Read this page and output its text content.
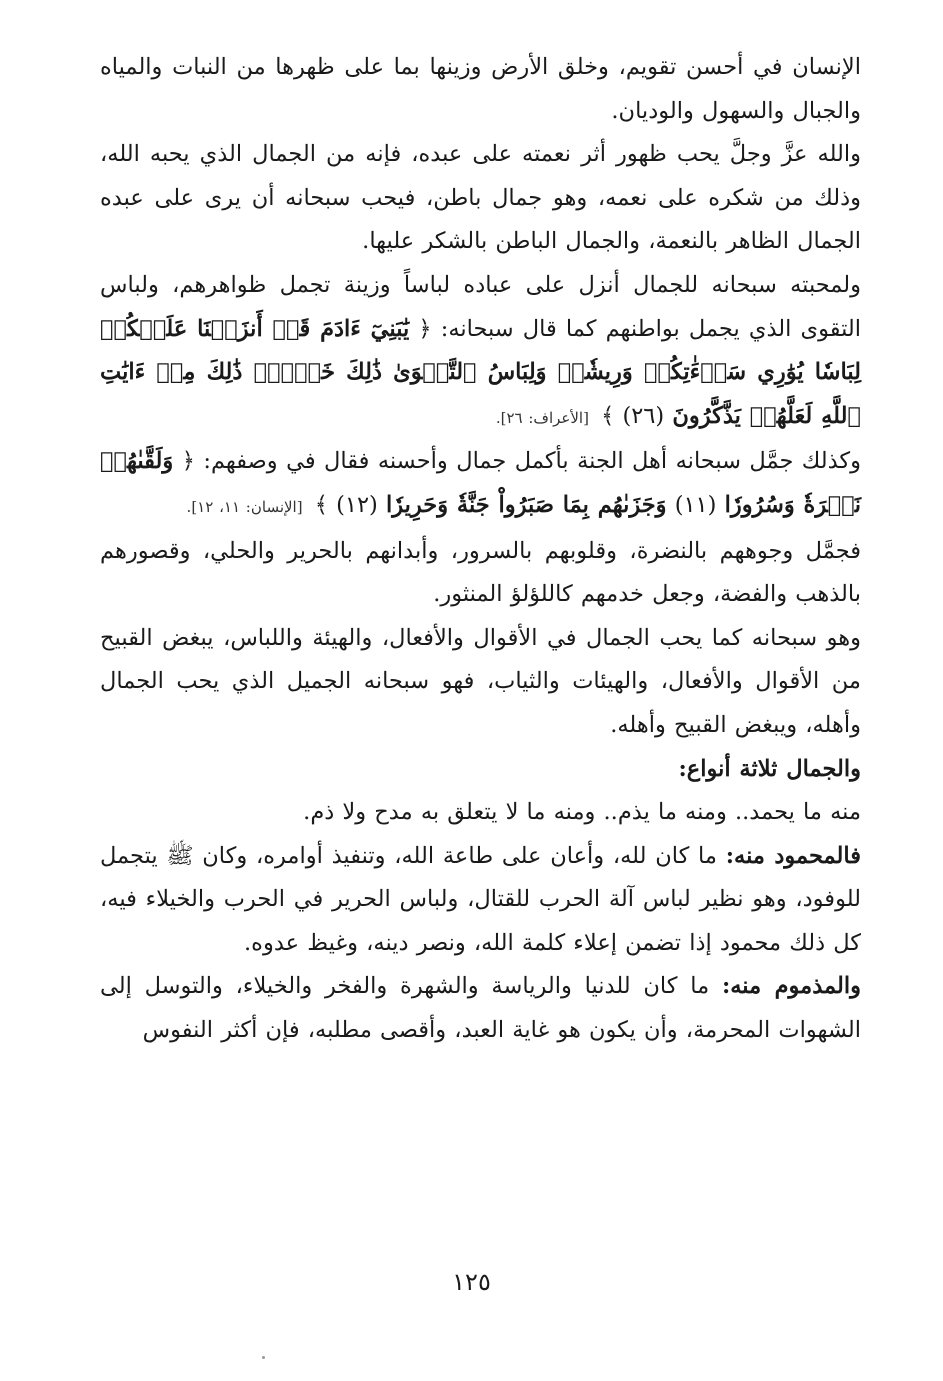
الإنسان في أحسن تقويم، وخلق الأرض وزينها بما على ظهرها من النبات والمياه والجبال والسهول والوديان.

والله عزَّ وجلَّ يحب ظهور أثر نعمته على عبده، فإنه من الجمال الذي يحبه الله، وذلك من شكره على نعمه، وهو جمال باطن، فيحب سبحانه أن يرى على عبده الجمال الظاهر بالنعمة، والجمال الباطن بالشكر عليها.

ولمحبته سبحانه للجمال أنزل على عباده لباساً وزينة تجمل ظواهرهم، ولباس التقوى الذي يجمل بواطنهم كما قال سبحانه: ﴿ يَٰبَنِيٓ ءَادَمَ قَدۡ أَنزَلۡنَا عَلَيۡكُمۡ لِبَاسٗا يُوَٰرِي سَوۡءَٰتِكُمۡ وَرِيشٗاۖ وَلِبَاسُ ٱلتَّقۡوَىٰ ذَٰلِكَ خَيۡرٞۚ ذَٰلِكَ مِنۡ ءَايَٰتِ ٱللَّهِ لَعَلَّهُمۡ يَذَّكَّرُونَ (٢٦) ﴾ [الأعراف: ٢٦].

وكذلك جمَّل سبحانه أهل الجنة بأكمل جمال وأحسنه فقال في وصفهم: ﴿ وَلَقَّىٰهُمۡ نَضۡرَةٗ وَسُرُورٗا (١١) وَجَزَىٰهُم بِمَا صَبَرُواْ جَنَّةٗ وَحَرِيرٗا (١٢) ﴾ [الإنسان: ١١، ١٢].

فجمَّل وجوههم بالنضرة، وقلوبهم بالسرور، وأبدانهم بالحرير والحلي، وقصورهم بالذهب والفضة، وجعل خدمهم كاللؤلؤ المنثور.

وهو سبحانه كما يحب الجمال في الأقوال والأفعال، والهيئة واللباس، يبغض القبيح من الأقوال والأفعال، والهيئات والثياب، فهو سبحانه الجميل الذي يحب الجمال وأهله، ويبغض القبيح وأهله.

والجمال ثلاثة أنواع:

منه ما يحمد.. ومنه ما يذم.. ومنه ما لا يتعلق به مدح ولا ذم.

فالمحمود منه: ما كان لله، وأعان على طاعة الله، وتنفيذ أوامره، وكان ﷺ يتجمل للوفود، وهو نظير لباس آلة الحرب للقتال، ولباس الحرير في الحرب والخيلاء فيه، كل ذلك محمود إذا تضمن إعلاء كلمة الله، ونصر دينه، وغيظ عدوه.

والمذموم منه: ما كان للدنيا والرياسة والشهرة والفخر والخيلاء، والتوسل إلى الشهوات المحرمة، وأن يكون هو غاية العبد، وأقصى مطلبه، فإن أكثر النفوس

١٢٥
